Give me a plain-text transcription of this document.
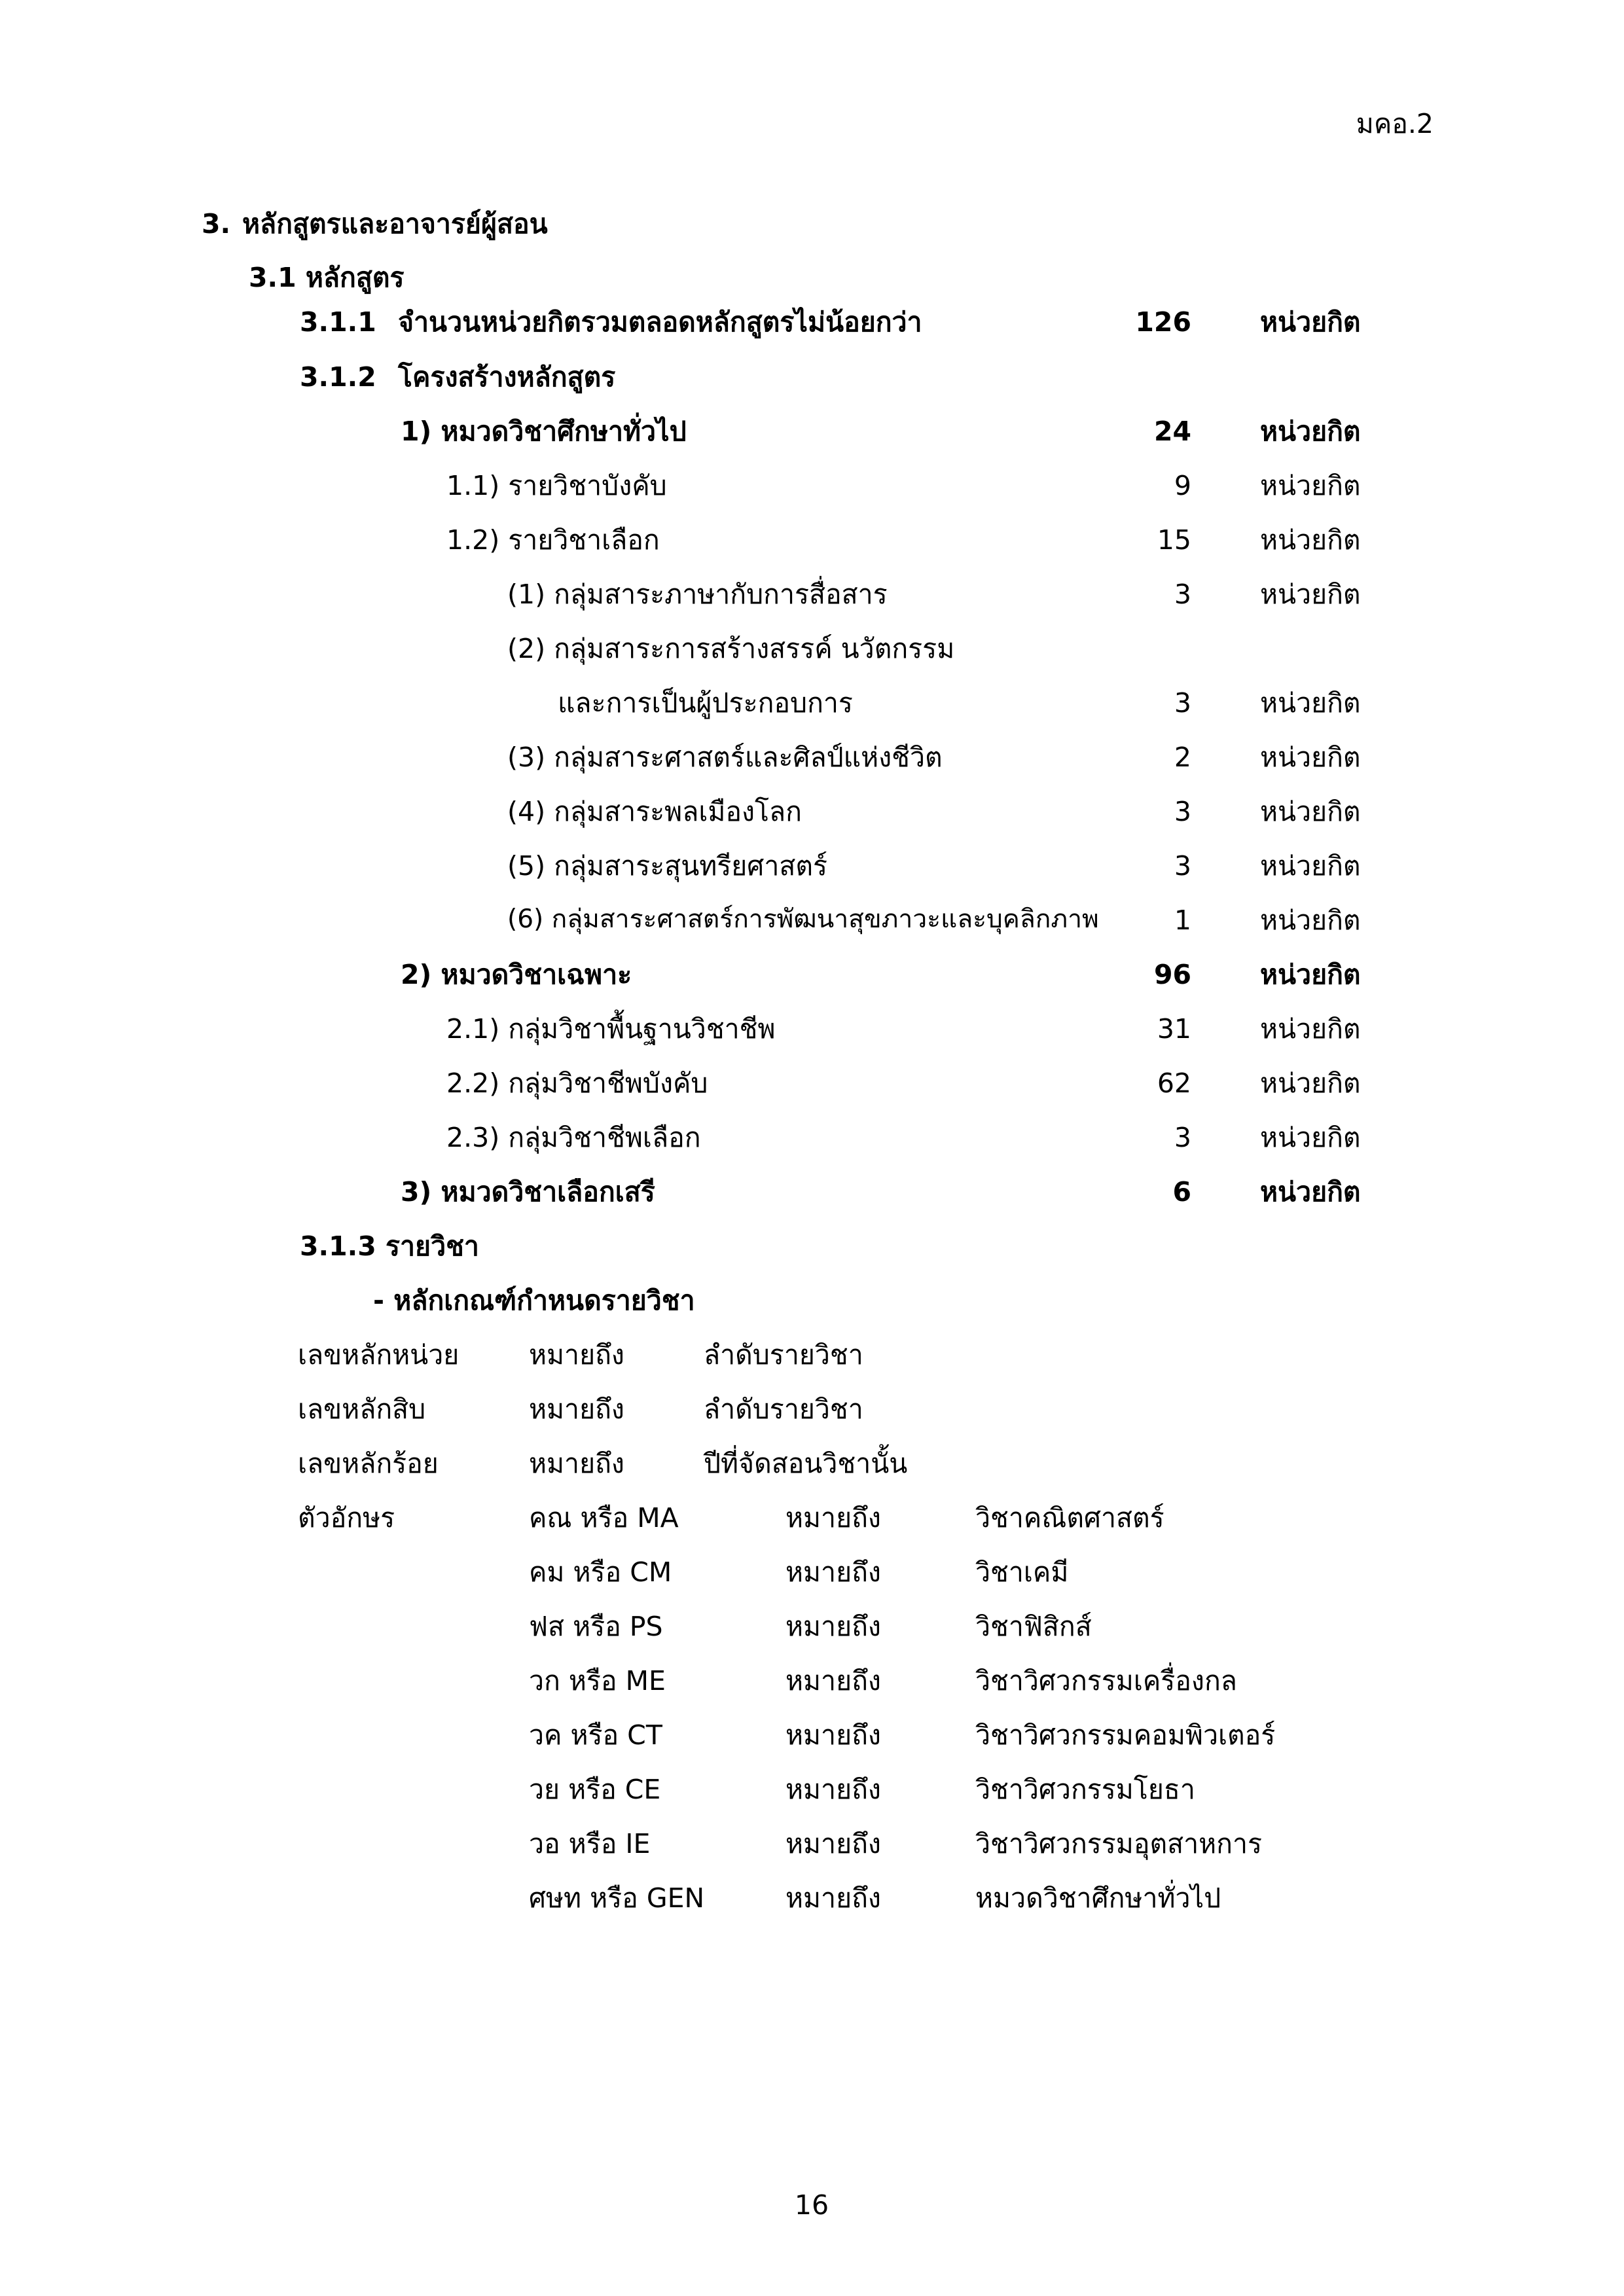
มคอ.2
3. หลักสูตรและอาจารย์ผู้สอน
3.1 หลักสูตร
3.1.1 จำนวนหน่วยกิตรวมตลอดหลักสูตรไม่น้อยกว่า	126	หน่วยกิต
3.1.2 โครงสร้างหลักสูตร
1) หมวดวิชาศึกษาทั่วไป	24	หน่วยกิต
1.1) รายวิชาบังคับ	9	หน่วยกิต
1.2) รายวิชาเลือก	15	หน่วยกิต
(1) กลุ่มสาระภาษากับการสื่อสาร	3	หน่วยกิต
(2) กลุ่มสาระการสร้างสรรค์ นวัตกรรม
และการเป็นผู้ประกอบการ	3	หน่วยกิต
(3) กลุ่มสาระศาสตร์และศิลป์แห่งชีวิต	2	หน่วยกิต
(4) กลุ่มสาระพลเมืองโลก	3	หน่วยกิต
(5) กลุ่มสาระสุนทรียศาสตร์	3	หน่วยกิต
(6) กลุ่มสาระศาสตร์การพัฒนาสุขภาวะและบุคลิกภาพ	1	หน่วยกิต
2) หมวดวิชาเฉพาะ	96	หน่วยกิต
2.1) กลุ่มวิชาพื้นฐานวิชาชีพ	31	หน่วยกิต
2.2) กลุ่มวิชาชีพบังคับ	62	หน่วยกิต
2.3) กลุ่มวิชาชีพเลือก	3	หน่วยกิต
3) หมวดวิชาเลือกเสรี	6	หน่วยกิต
3.1.3 รายวิชา
- หลักเกณฑ์กำหนดรายวิชา
เลขหลักหน่วย	หมายถึง	ลำดับรายวิชา
เลขหลักสิบ	หมายถึง	ลำดับรายวิชา
เลขหลักร้อย	หมายถึง	ปีที่จัดสอนวิชานั้น
ตัวอักษร	คณ หรือ MA	หมายถึง	วิชาคณิตศาสตร์
คม หรือ CM	หมายถึง	วิชาเคมี
ฟส หรือ PS	หมายถึง	วิชาฟิสิกส์
วก หรือ ME	หมายถึง	วิชาวิศวกรรมเครื่องกล
วค หรือ CT	หมายถึง	วิชาวิศวกรรมคอมพิวเตอร์
วย หรือ CE	หมายถึง	วิชาวิศวกรรมโยธา
วอ หรือ IE	หมายถึง	วิชาวิศวกรรมอุตสาหการ
ศษท หรือ GEN	หมายถึง	หมวดวิชาศึกษาทั่วไป
16
